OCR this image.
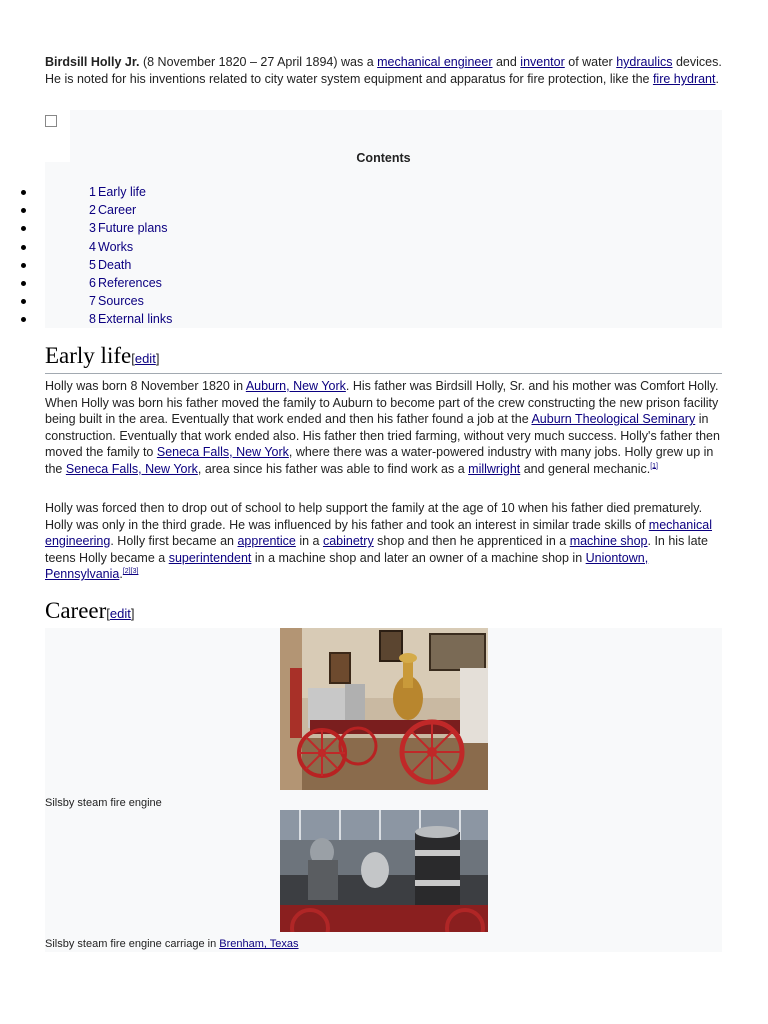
Birdsill Holly Jr. (8 November 1820 – 27 April 1894) was a mechanical engineer and inventor of water hydraulics devices. He is noted for his inventions related to city water system equipment and apparatus for fire protection, like the fire hydrant.
Contents
1 Early life
2 Career
3 Future plans
4 Works
5 Death
6 References
7 Sources
8 External links
Early life[edit]

Holly was born 8 November 1820 in Auburn, New York. His father was Birdsill Holly, Sr. and his mother was Comfort Holly. When Holly was born his father moved the family to Auburn to become part of the crew constructing the new prison facility being built in the area. Eventually that work ended and then his father found a job at the Auburn Theological Seminary in construction. Eventually that work ended also. His father then tried farming, without very much success. Holly's father then moved the family to Seneca Falls, New York, where there was a water-powered industry with many jobs. Holly grew up in the Seneca Falls, New York, area since his father was able to find work as a millwright and general mechanic.[1]

Holly was forced then to drop out of school to help support the family at the age of 10 when his father died prematurely. Holly was only in the third grade. He was influenced by his father and took an interest in similar trade skills of mechanical engineering. Holly first became an apprentice in a cabinetry shop and then he apprenticed in a machine shop. In his late teens Holly became a superintendent in a machine shop and later an owner of a machine shop in Uniontown, Pennsylvania.[2][3]

Career[edit]
Silsby steam fire engine
Silsby steam fire engine carriage in Brenham, Texas
